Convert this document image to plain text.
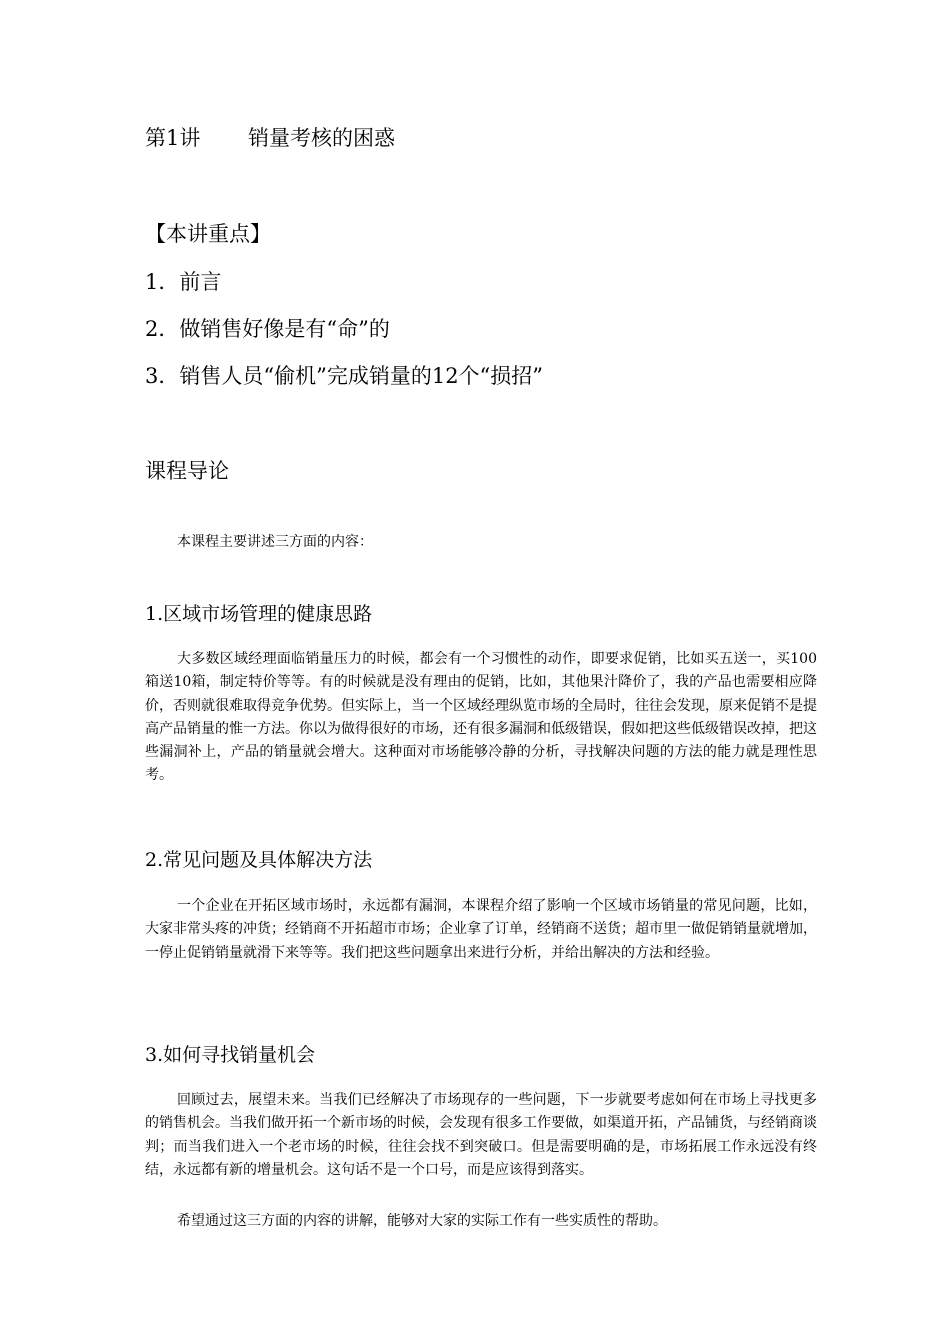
第1讲 销量考核的困惑
【本讲重点】
1．前言
2．做销售好像是有“命”的
3．销售人员“偷机”完成销量的12个“损招”
课程导论
本课程主要讲述三方面的内容：
1.区域市场管理的健康思路
大多数区域经理面临销量压力的时候，都会有一个习惯性的动作，即要求促销，比如买五送一，买100箱送10箱，制定特价等等。有的时候就是没有理由的促销，比如，其他果汁降价了，我的产品也需要相应降价，否则就很难取得竞争优势。但实际上，当一个区域经理纵览市场的全局时，往往会发现，原来促销不是提高产品销量的惟一方法。你以为做得很好的市场，还有很多漏洞和低级错误，假如把这些低级错误改掉，把这些漏洞补上，产品的销量就会增大。这种面对市场能够冷静的分析，寻找解决问题的方法的能力就是理性思考。
2.常见问题及具体解决方法
一个企业在开拓区域市场时，永远都有漏洞，本课程介绍了影响一个区域市场销量的常见问题，比如，大家非常头疼的冲货；经销商不开拓超市市场；企业拿了订单，经销商不送货；超市里一做促销销量就增加，一停止促销销量就滑下来等等。我们把这些问题拿出来进行分析，并给出解决的方法和经验。
3.如何寻找销量机会
回顾过去，展望未来。当我们已经解决了市场现存的一些问题，下一步就要考虑如何在市场上寻找更多的销售机会。当我们做开拓一个新市场的时候，会发现有很多工作要做，如渠道开拓，产品铺货，与经销商谈判；而当我们进入一个老市场的时候，往往会找不到突破口。但是需要明确的是，市场拓展工作永远没有终结，永远都有新的增量机会。这句话不是一个口号，而是应该得到落实。
希望通过这三方面的内容的讲解，能够对大家的实际工作有一些实质性的帮助。
